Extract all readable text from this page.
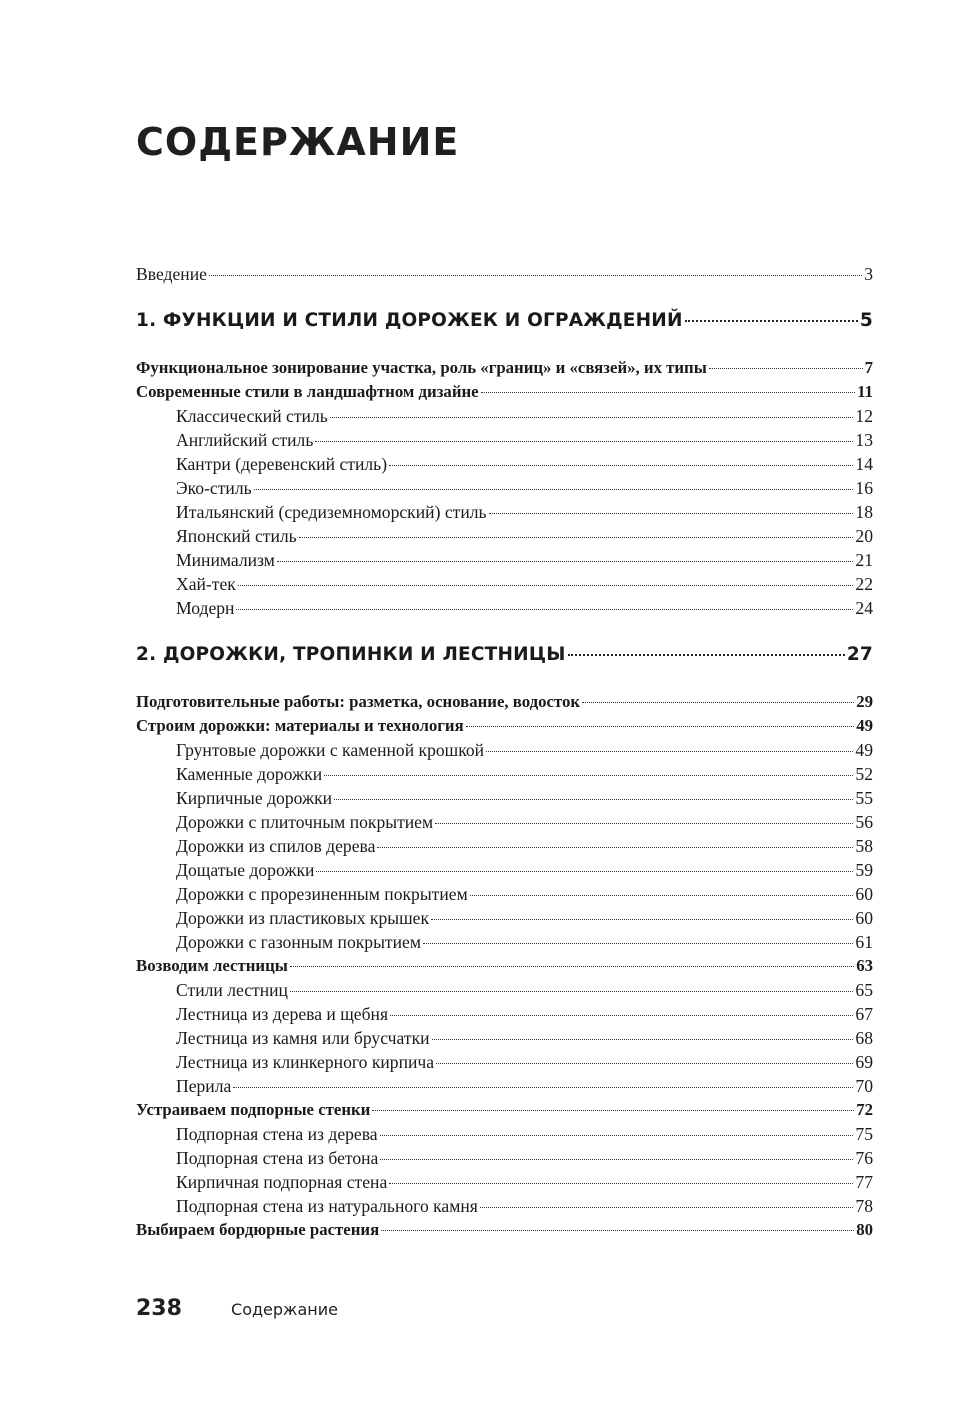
СОДЕРЖАНИЕ
Введение	3
1. ФУНКЦИИ И СТИЛИ ДОРОЖЕК И ОГРАЖДЕНИЙ	5
Функциональное зонирование участка, роль «границ» и «связей», их типы	7
Современные стили в ландшафтном дизайне	11
Классический стиль	12
Английский стиль	13
Кантри (деревенский стиль)	14
Эко-стиль	16
Итальянский (средиземноморский) стиль	18
Японский стиль	20
Минимализм	21
Хай-тек	22
Модерн	24
2. ДОРОЖКИ, ТРОПИНКИ И ЛЕСТНИЦЫ	27
Подготовительные работы: разметка, основание, водосток	29
Строим дорожки: материалы и технология	49
Грунтовые дорожки с каменной крошкой	49
Каменные дорожки	52
Кирпичные дорожки	55
Дорожки с плиточным покрытием	56
Дорожки из спилов дерева	58
Дощатые дорожки	59
Дорожки с прорезиненным покрытием	60
Дорожки из пластиковых крышек	60
Дорожки с газонным покрытием	61
Возводим лестницы	63
Стили лестниц	65
Лестница из дерева и щебня	67
Лестница из камня или брусчатки	68
Лестница из клинкерного кирпича	69
Перила	70
Устраиваем подпорные стенки	72
Подпорная стена из дерева	75
Подпорная стена из бетона	76
Кирпичная подпорная стена	77
Подпорная стена из натурального камня	78
Выбираем бордюрные растения	80
238	Содержание
